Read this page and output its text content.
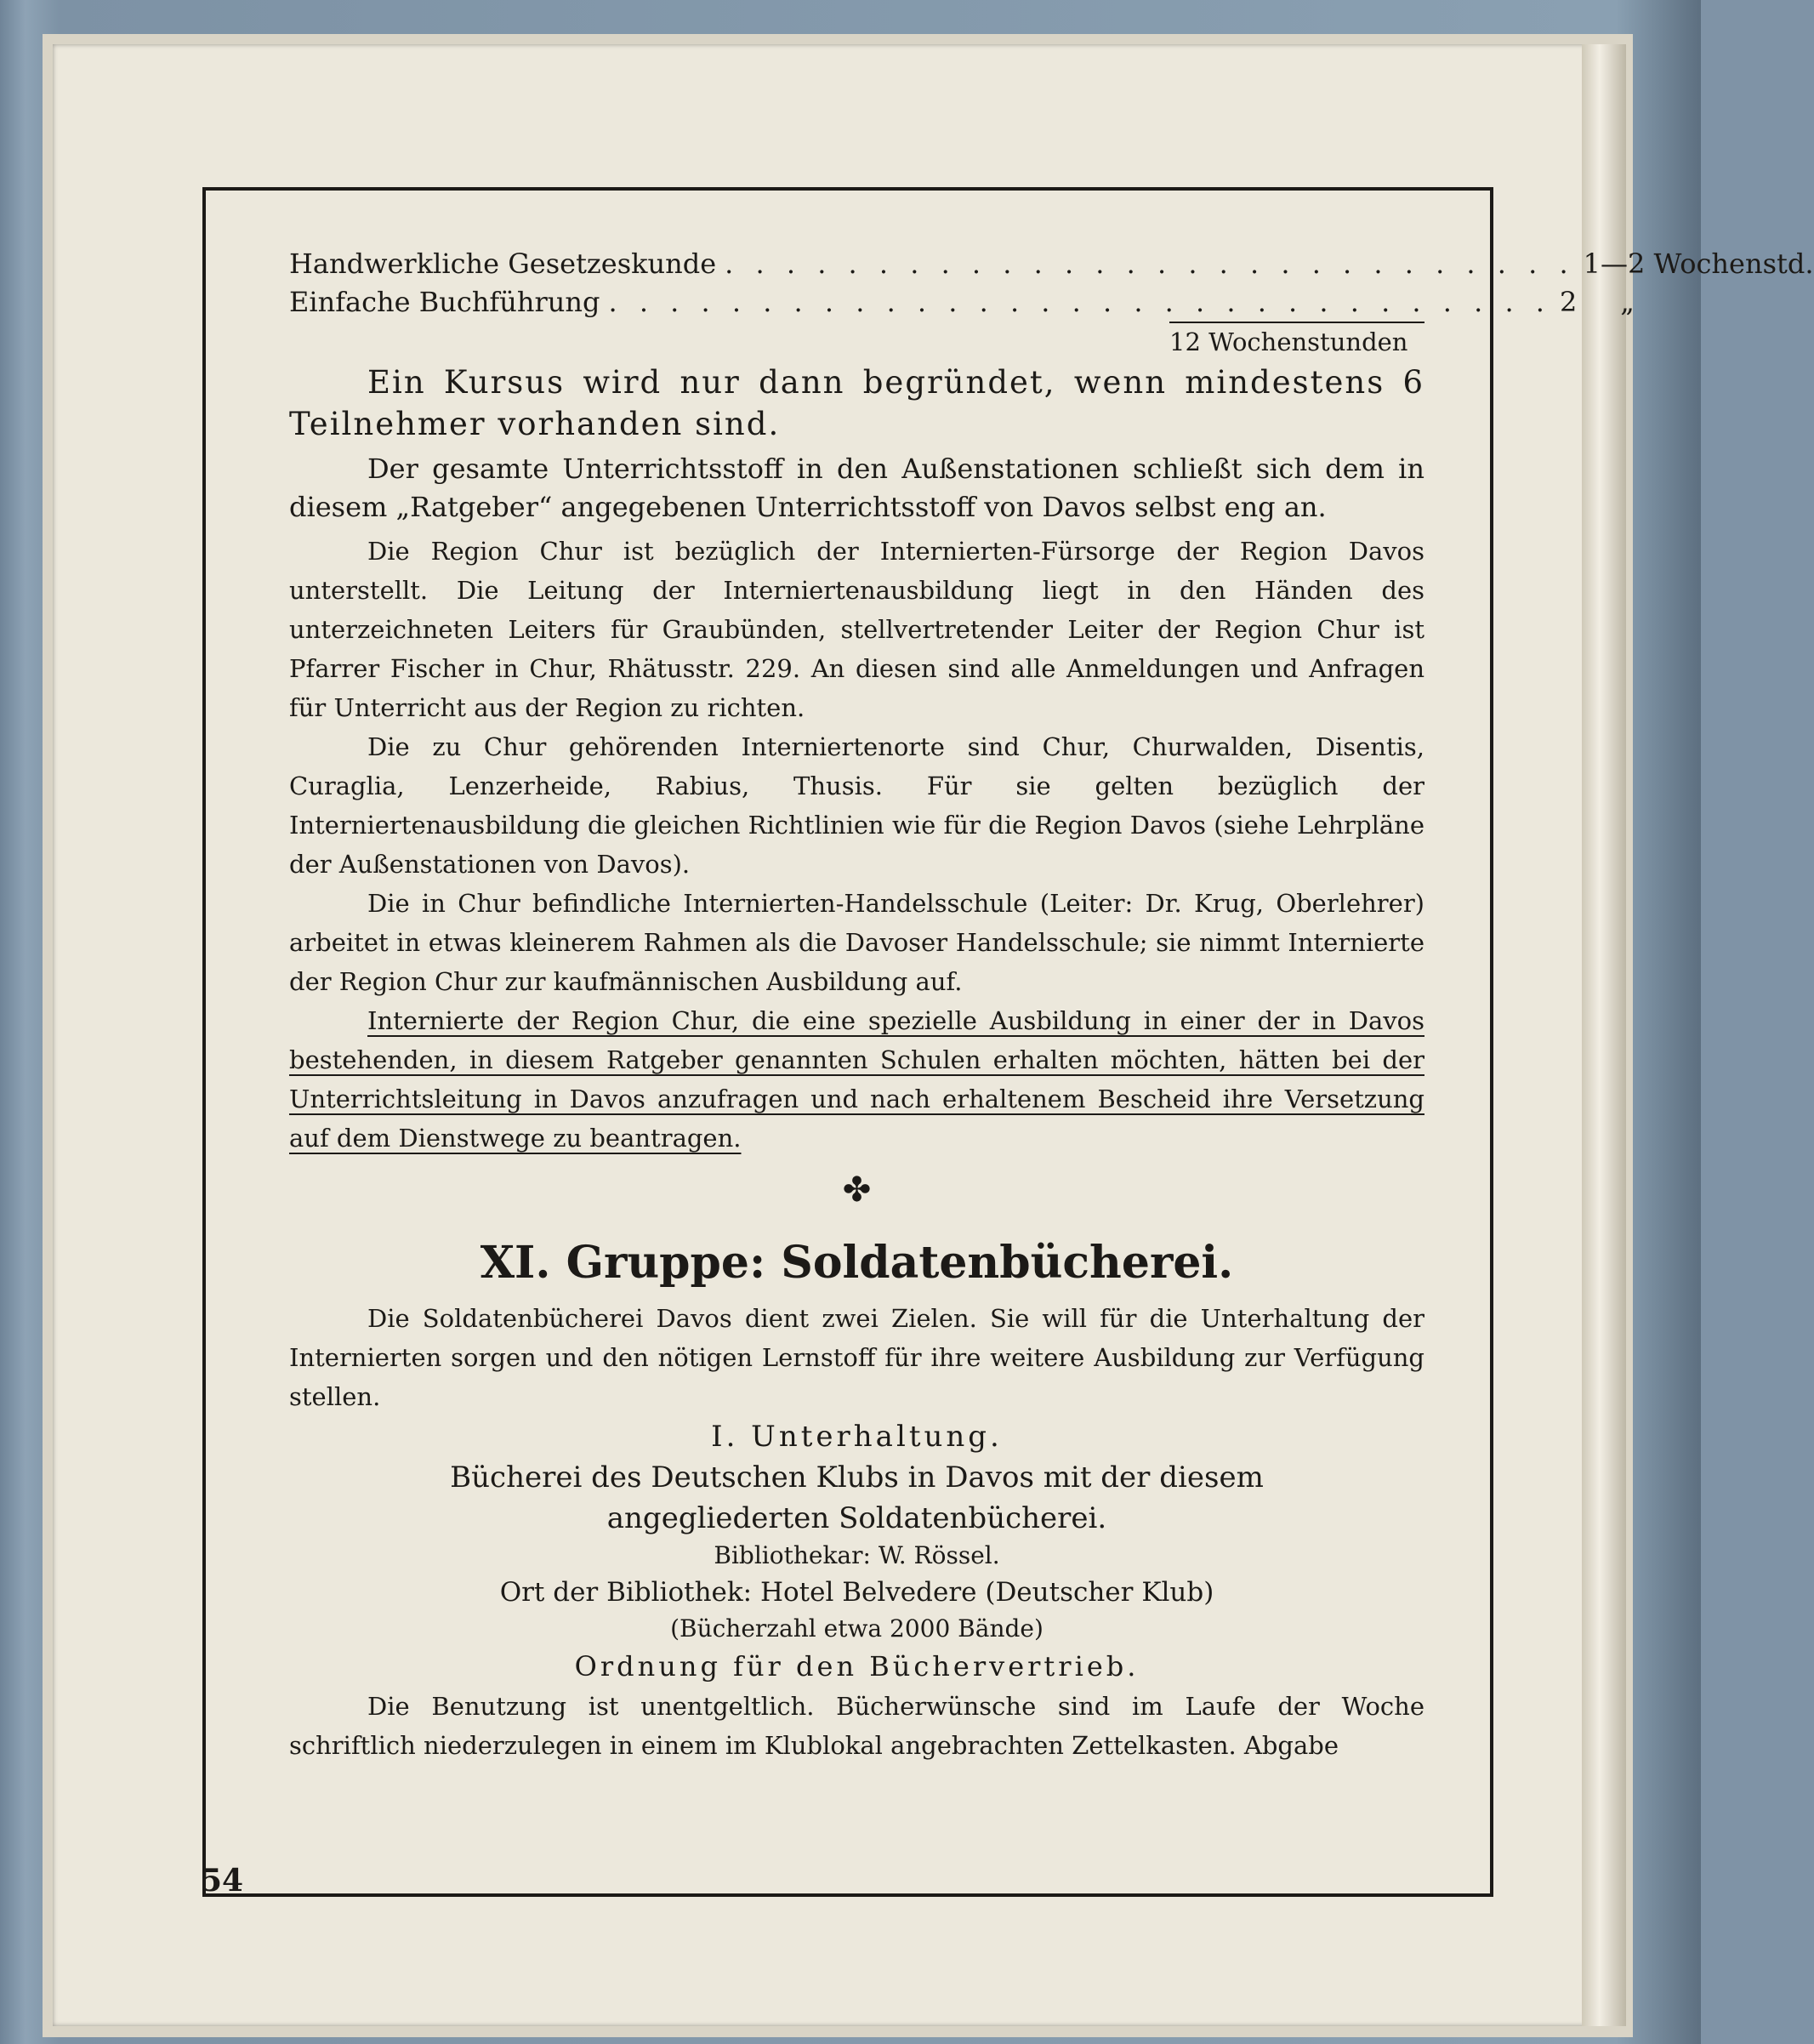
Handwerkliche Gesetzeskunde . . . . . . . . . . . . . . . . . . . . . . . . . . . . 1—2 Wochenstd.
Einfache Buchführung . . . . . . . . . . . . . . . . . . . . . . . . . . . . . . . 2     „
12 Wochenstunden

Ein Kursus wird nur dann begründet, wenn mindestens 6 Teilnehmer vorhanden sind.

Der gesamte Unterrichtsstoff in den Außenstationen schließt sich dem in diesem „Ratgeber“ angegebenen Unterrichtsstoff von Davos selbst eng an.

Die Region Chur ist bezüglich der Internierten-Fürsorge der Region Davos unterstellt. Die Leitung der Interniertenausbildung liegt in den Händen des unterzeichneten Leiters für Graubünden, stellvertretender Leiter der Region Chur ist Pfarrer Fischer in Chur, Rhätusstr. 229. An diesen sind alle Anmeldungen und Anfragen für Unterricht aus der Region zu richten.

Die zu Chur gehörenden Interniertenorte sind Chur, Churwalden, Disentis, Curaglia, Lenzerheide, Rabius, Thusis. Für sie gelten bezüglich der Interniertenausbildung die gleichen Richtlinien wie für die Region Davos (siehe Lehrpläne der Außenstationen von Davos).

Die in Chur befindliche Internierten-Handelsschule (Leiter: Dr. Krug, Oberlehrer) arbeitet in etwas kleinerem Rahmen als die Davoser Handelsschule; sie nimmt Internierte der Region Chur zur kaufmännischen Ausbildung auf.

Internierte der Region Chur, die eine spezielle Ausbildung in einer der in Davos bestehenden, in diesem Ratgeber genannten Schulen erhalten möchten, hätten bei der Unterrichtsleitung in Davos anzufragen und nach erhaltenem Bescheid ihre Versetzung auf dem Dienstwege zu beantragen.

✤
XI. Gruppe: Soldatenbücherei.

Die Soldatenbücherei Davos dient zwei Zielen. Sie will für die Unterhaltung der Internierten sorgen und den nötigen Lernstoff für ihre weitere Ausbildung zur Verfügung stellen.

I. Unterhaltung.
Bücherei des Deutschen Klubs in Davos mit der diesem angegliederten Soldatenbücherei.
Bibliothekar: W. Rössel.
Ort der Bibliothek: Hotel Belvedere (Deutscher Klub)
(Bücherzahl etwa 2000 Bände)
Ordnung für den Büchervertrieb.

Die Benutzung ist unentgeltlich. Bücherwünsche sind im Laufe der Woche schriftlich niederzulegen in einem im Klublokal angebrachten Zettelkasten. Abgabe

54
